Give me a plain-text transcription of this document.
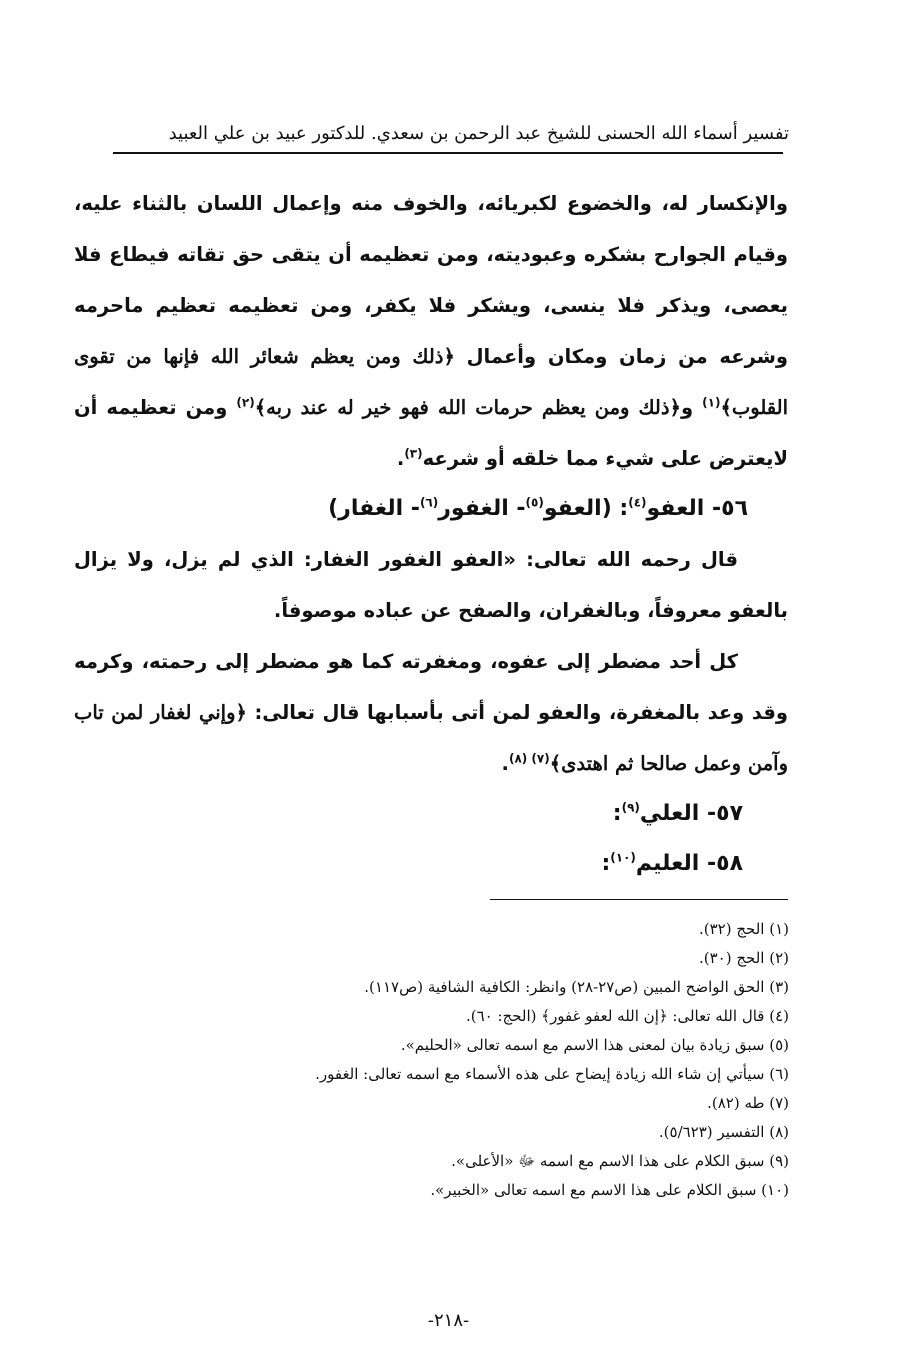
تفسير أسماء الله الحسنى للشيخ عبد الرحمن بن سعدي. للدكتور عبيد بن علي العبيد

والإنكسار له، والخضوع لكبريائه، والخوف منه وإعمال اللسان بالثناء عليه، وقيام الجوارح بشكره وعبوديته، ومن تعظيمه أن يتقى حق تقاته فيطاع فلا يعصى، ويذكر فلا ينسى، ويشكر فلا يكفر، ومن تعظيمه تعظيم ماحرمه وشرعه من زمان ومكان وأعمال ﴿ذلك ومن يعظم شعائر الله فإنها من تقوى القلوب﴾$^{(١)}$ و﴿ذلك ومن يعظم حرمات الله فهو خير له عند ربه﴾$^{(٢)}$ ومن تعظيمه أن لايعترض على شيء مما خلقه أو شرعه$^{(٣)}$.

٥٦- العفو$^{(٤)}$: (العفو$^{(٥)}$- الغفور$^{(٦)}$- الغفار)

قال رحمه الله تعالى: «العفو الغفور الغفار: الذي لم يزل، ولا يزال بالعفو معروفاً، وبالغفران، والصفح عن عباده موصوفاً.

كل أحد مضطر إلى عفوه، ومغفرته كما هو مضطر إلى رحمته، وكرمه وقد وعد بالمغفرة، والعفو لمن أتى بأسبابها قال تعالى: ﴿وإني لغفار لمن تاب وآمن وعمل صالحا ثم اهتدى﴾$^{(٧) (٨)}$.

٥٧- العلي$^{(٩)}$:

٥٨- العليم$^{(١٠)}$:

(١) الحج (٣٢).
(٢) الحج (٣٠).
(٣) الحق الواضح المبين (ص٢٧-٢٨) وانظر: الكافية الشافية (ص١١٧).
(٤) قال الله تعالى: ﴿إن الله لعفو غفور﴾ (الحج: ٦٠).
(٥) سبق زيادة بيان لمعنى هذا الاسم مع اسمه تعالى «الحليم».
(٦) سيأتي إن شاء الله زيادة إيضاح على هذه الأسماء مع اسمه تعالى: الغفور.
(٧) طه (٨٢).
(٨) التفسير (٥/٦٢٣).
(٩) سبق الكلام على هذا الاسم مع اسمه ﷻ «الأعلى».
(١٠) سبق الكلام على هذا الاسم مع اسمه تعالى «الخبير».
-٢١٨-
